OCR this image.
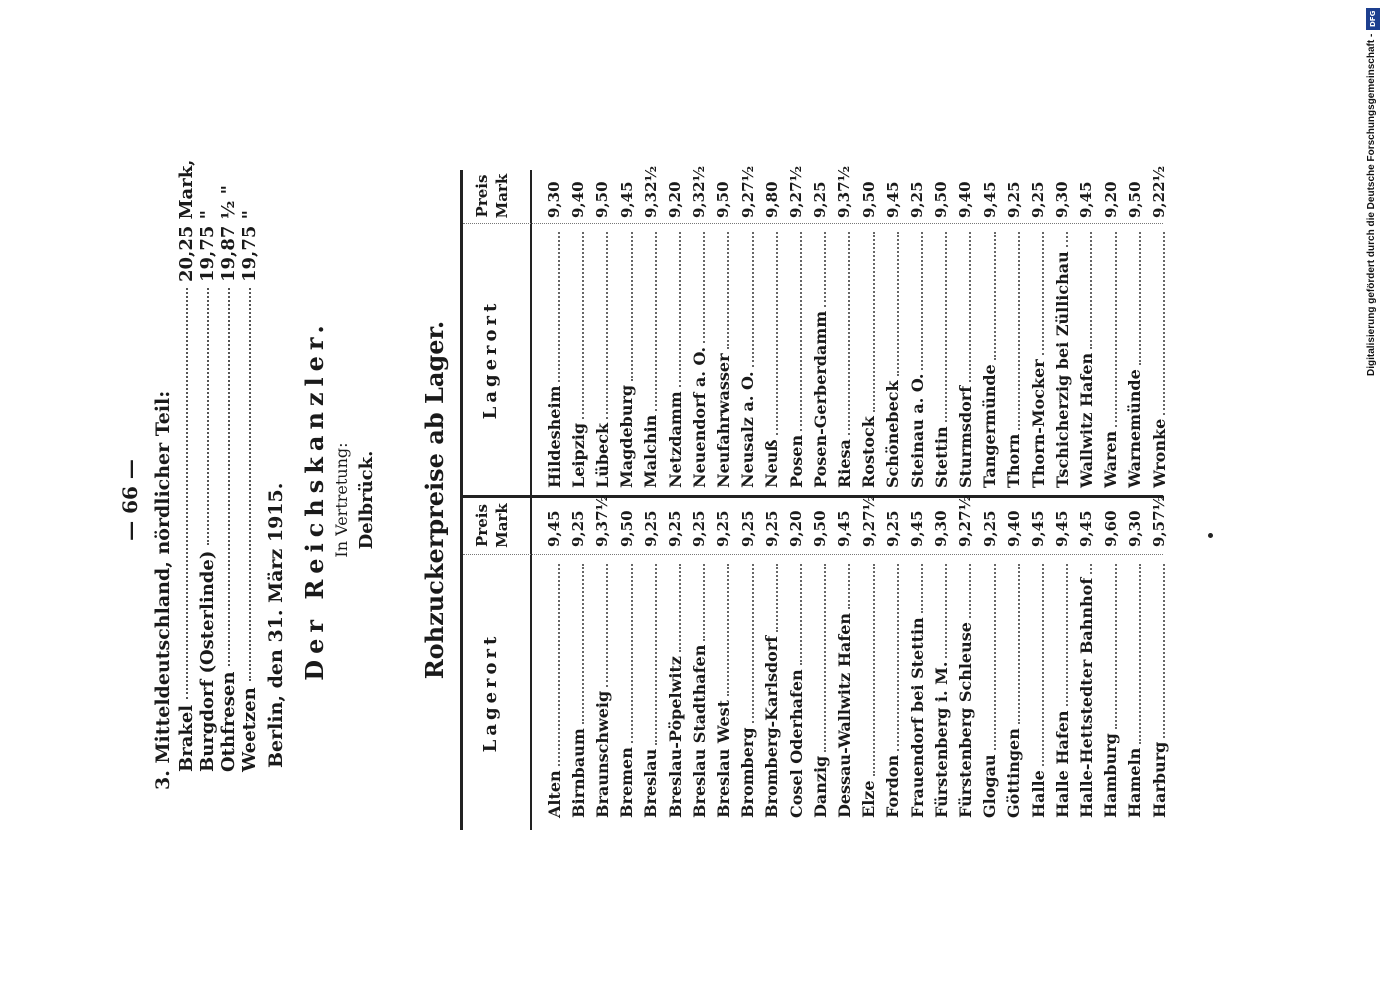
— 66 — 3. Mitteldeutschland, nördlicher Teil: Brakel
20,25 Mark,
Burgdorf (Osterlinde)
19,75 "
Othfresen
19,87 ½ "
Weetzen
19,75 "
Berlin, den 31. März 1915. Der Reichskanzler. In Vertretung: Delbrück. Rohzuckerpreise ab Lager.
Lagerort
Preis Mark
Lagerort
Preis Mark
Alten
9,45
Hildesheim
9,30
Birnbaum
9,25
Leipzig
9,40
Braunschweig
9,37½
Lübeck
9,50
Bremen
9,50
Magdeburg
9,45
Breslau
9,25
Malchin
9,32½
Breslau-Pöpelwitz
9,25
Netzdamm
9,20
Breslau Stadthafen
9,25
Neuendorf a. O.
9,32½
Breslau West
9,25
Neufahrwasser
9,50
Bromberg
9,25
Neusalz a. O.
9,27½
Bromberg-Karlsdorf
9,25
Neuß
9,80
Cosel Oderhafen
9,20
Posen
9,27½
Danzig
9,50
Posen-Gerberdamm
9,25
Dessau-Wallwitz Hafen
9,45
Riesa
9,37½
Elze
9,27½
Rostock
9,50
Fordon
9,25
Schönebeck
9,45
Frauendorf bei Stettin
9,45
Steinau a. O.
9,25
Fürstenberg i. M.
9,30
Stettin
9,50
Fürstenberg Schleuse
9,27½
Sturmsdorf
9,40
Glogau
9,25
Tangermünde
9,45
Göttingen
9,40
Thorn
9,25
Halle
9,45
Thorn-Mocker
9,25
Halle Hafen
9,45
Tschicherzig bei Züllichau
9,30
Halle-Hettstedter Bahnhof
9,45
Wallwitz Hafen
9,45
Hamburg
9,60
Waren
9,20
Hameln
9,30
Warnemünde
9,50
Harburg
9,57½
Wronke
9,22½
DFG
Digitalisierung gefördert durch die Deutsche Forschungsgemeinschaft -
